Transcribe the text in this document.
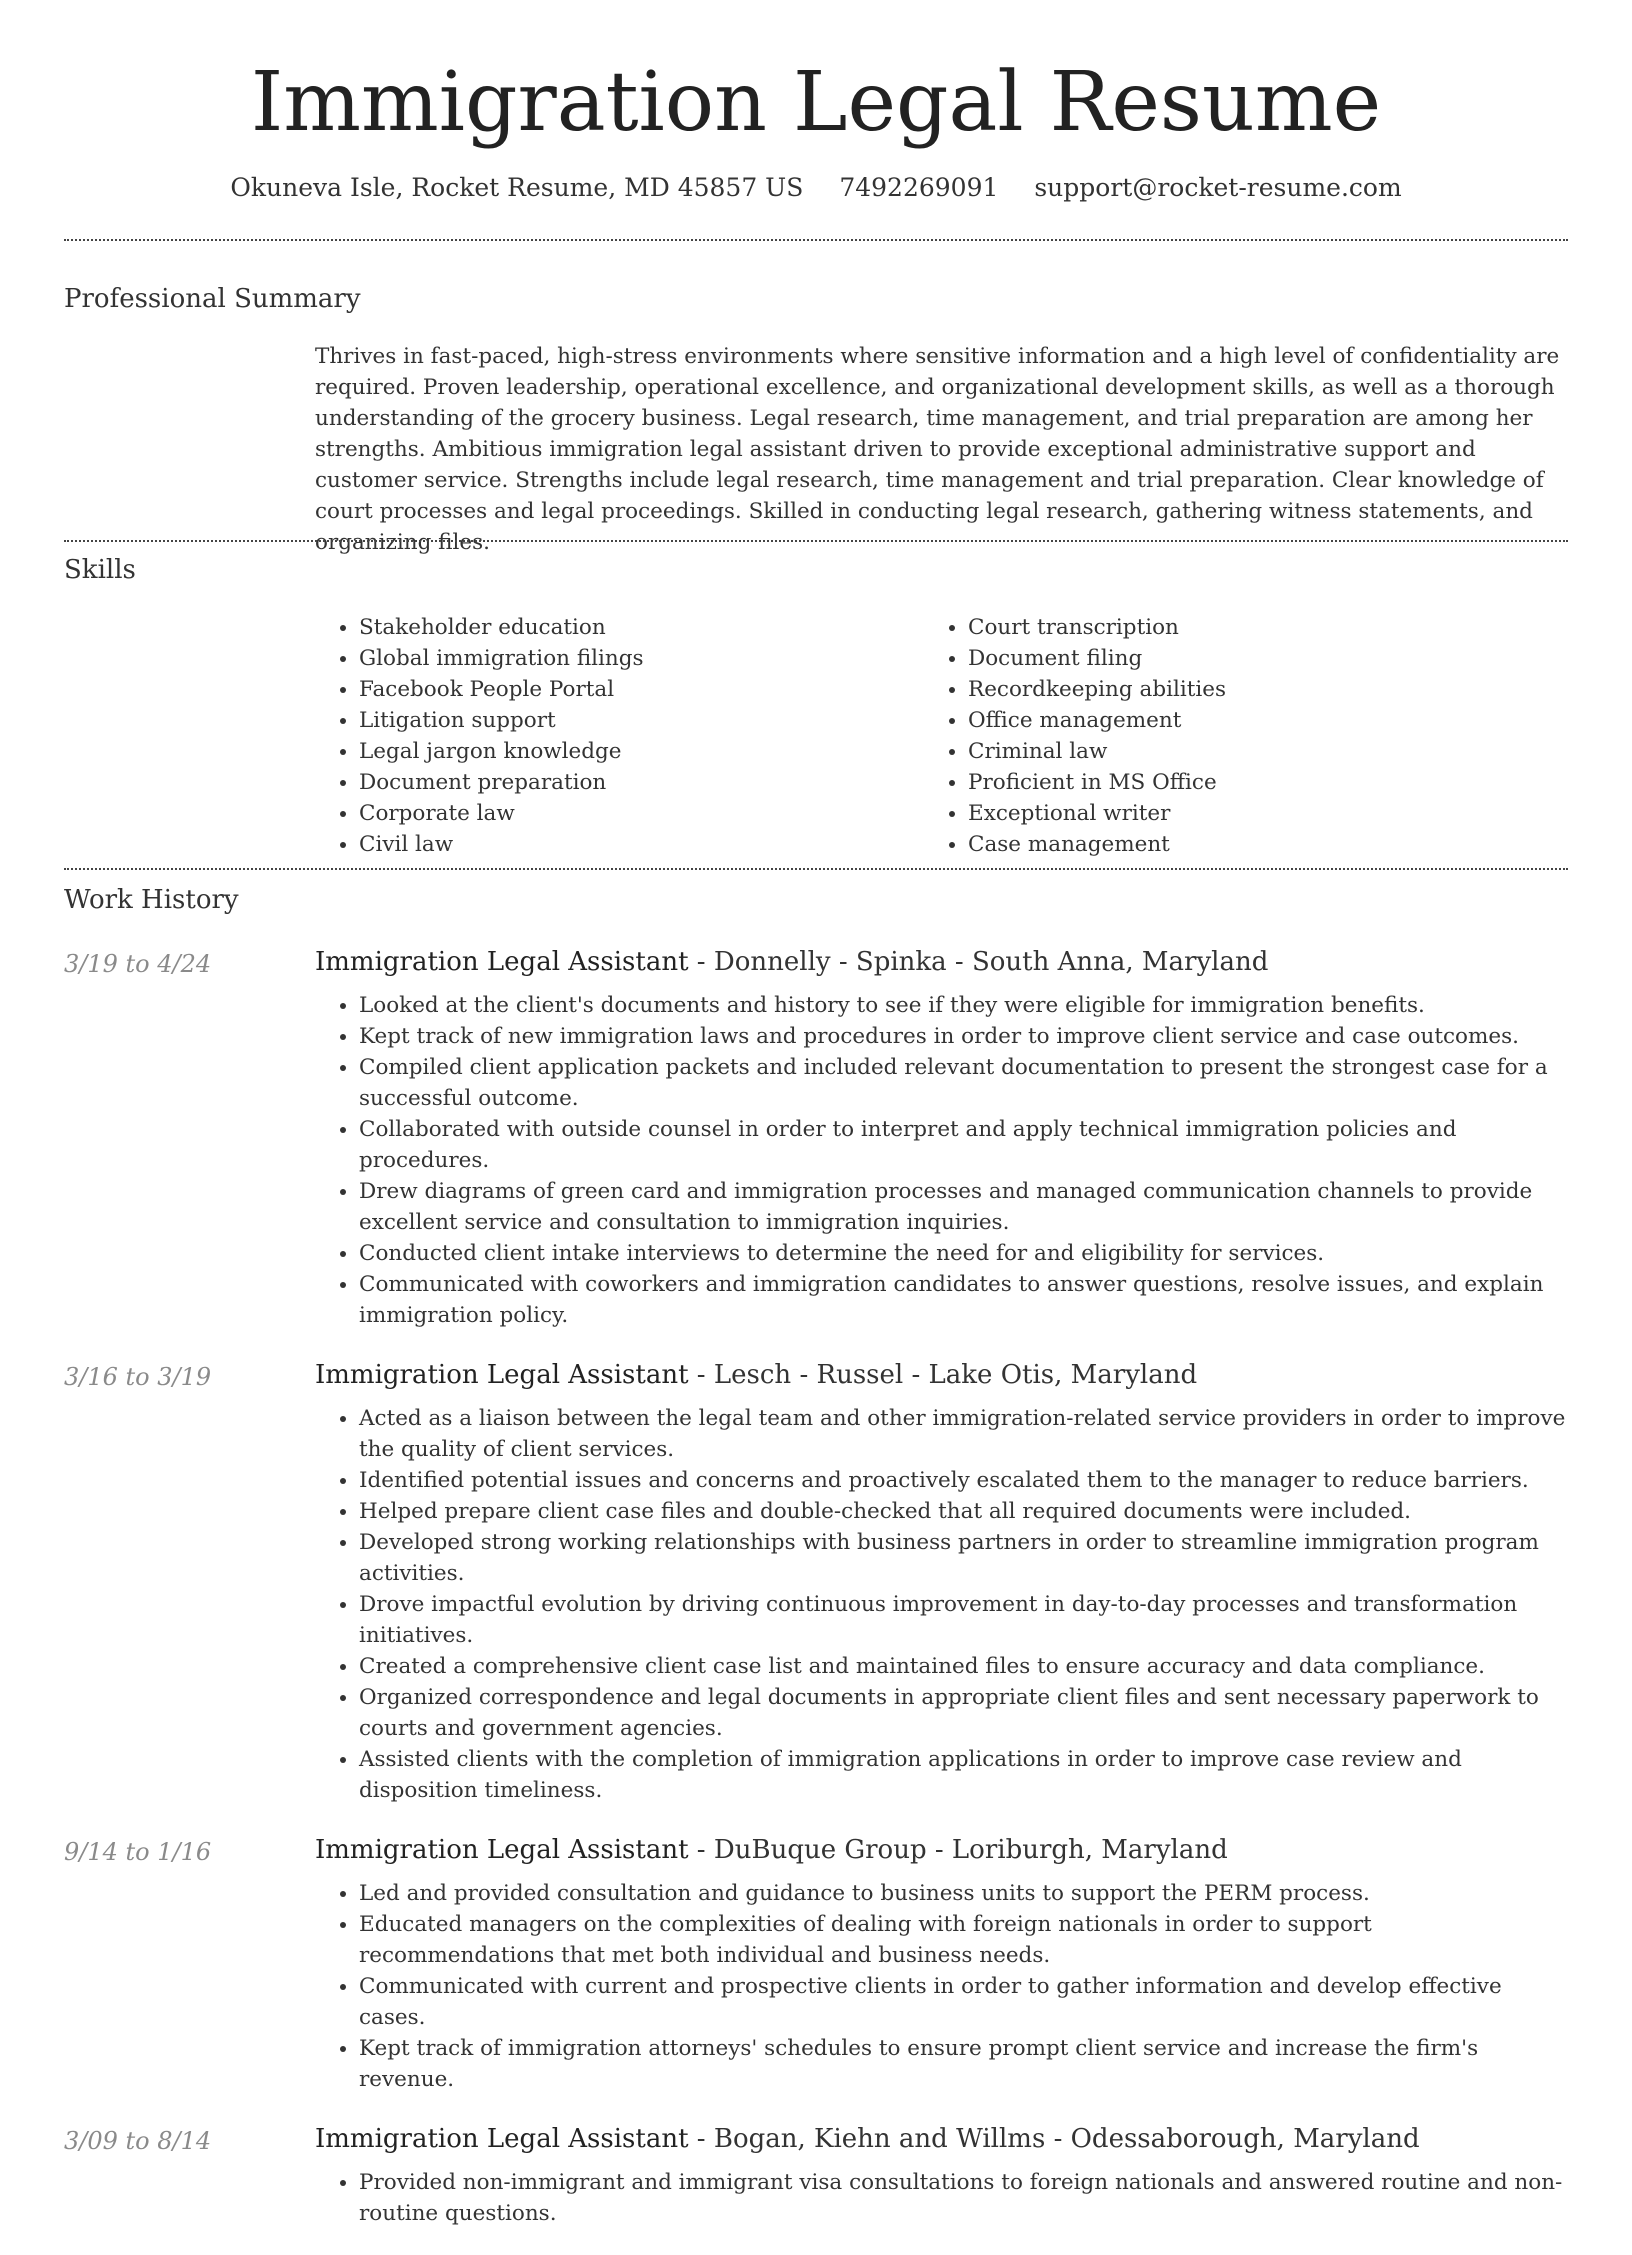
Immigration Legal Resume
Okuneva Isle, Rocket Resume, MD 45857 US 7492269091 support@rocket-resume.com
Professional Summary

Thrives in fast-paced, high-stress environments where sensitive information and a high level of confidentiality are required. Proven leadership, operational excellence, and organizational development skills, as well as a thorough understanding of the grocery business. Legal research, time management, and trial preparation are among her strengths. Ambitious immigration legal assistant driven to provide exceptional administrative support and customer service. Strengths include legal research, time management and trial preparation. Clear knowledge of court processes and legal proceedings. Skilled in conducting legal research, gathering witness statements, and organizing files.

Skills
• Stakeholder education
• Global immigration filings
• Facebook People Portal
• Litigation support
• Legal jargon knowledge
• Document preparation
• Corporate law
• Civil law
• Court transcription
• Document filing
• Recordkeeping abilities
• Office management
• Criminal law
• Proficient in MS Office
• Exceptional writer
• Case management
Work History
3/19 to 4/24	Immigration Legal Assistant - Donnelly - Spinka - South Anna, Maryland
• Looked at the client's documents and history to see if they were eligible for immigration benefits.
• Kept track of new immigration laws and procedures in order to improve client service and case outcomes.
• Compiled client application packets and included relevant documentation to present the strongest case for a successful outcome.
• Collaborated with outside counsel in order to interpret and apply technical immigration policies and procedures.
• Drew diagrams of green card and immigration processes and managed communication channels to provide excellent service and consultation to immigration inquiries.
• Conducted client intake interviews to determine the need for and eligibility for services.
• Communicated with coworkers and immigration candidates to answer questions, resolve issues, and explain immigration policy.
3/16 to 3/19	Immigration Legal Assistant - Lesch - Russel - Lake Otis, Maryland
• Acted as a liaison between the legal team and other immigration-related service providers in order to improve the quality of client services.
• Identified potential issues and concerns and proactively escalated them to the manager to reduce barriers.
• Helped prepare client case files and double-checked that all required documents were included.
• Developed strong working relationships with business partners in order to streamline immigration program activities.
• Drove impactful evolution by driving continuous improvement in day-to-day processes and transformation initiatives.
• Created a comprehensive client case list and maintained files to ensure accuracy and data compliance.
• Organized correspondence and legal documents in appropriate client files and sent necessary paperwork to courts and government agencies.
• Assisted clients with the completion of immigration applications in order to improve case review and disposition timeliness.
9/14 to 1/16	Immigration Legal Assistant - DuBuque Group - Loriburgh, Maryland
• Led and provided consultation and guidance to business units to support the PERM process.
• Educated managers on the complexities of dealing with foreign nationals in order to support recommendations that met both individual and business needs.
• Communicated with current and prospective clients in order to gather information and develop effective cases.
• Kept track of immigration attorneys' schedules to ensure prompt client service and increase the firm's revenue.
3/09 to 8/14	Immigration Legal Assistant - Bogan, Kiehn and Willms - Odessaborough, Maryland
• Provided non-immigrant and immigrant visa consultations to foreign nationals and answered routine and non-routine questions.
